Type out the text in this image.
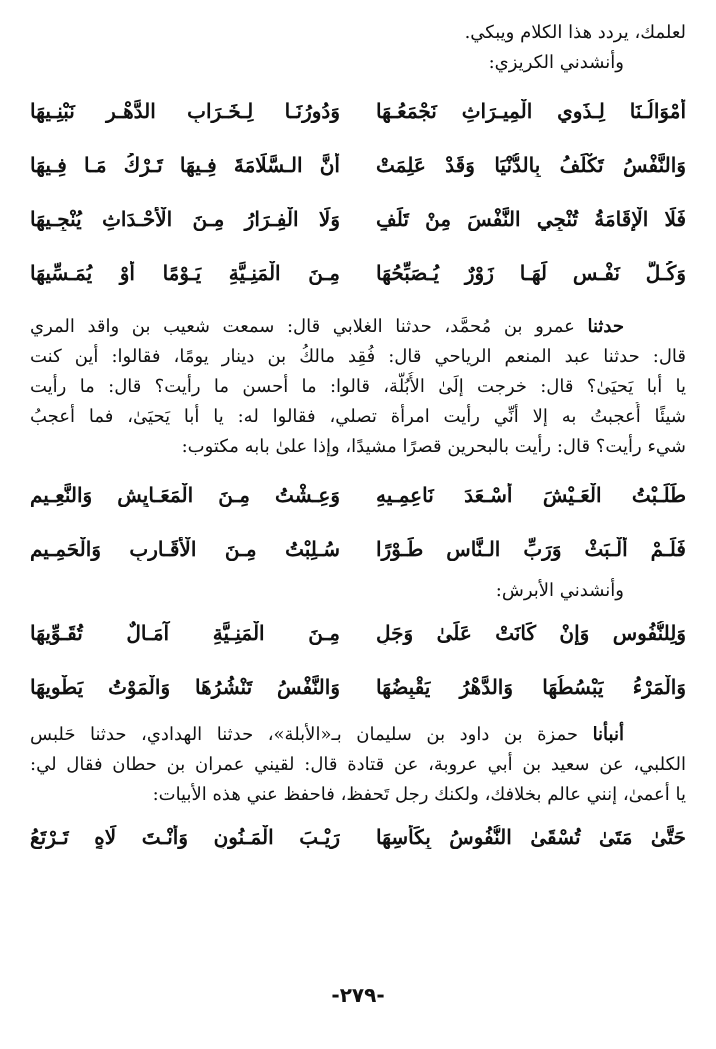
لعلمك، يردد هذا الكلام ويبكي.
وأنشدني الكريزي:
أَمْوَالُـنَا لِـذَوِي الْمِيـرَاثِ نَجْمَعُـهَا
وَدُورُنَـا لِـخَـرَابِ الدَّهْـرِ نَبْنِـيهَا
وَالنَّفْسُ تَكْلَفُ بِالدُّنْيَا وَقَدْ عَلِمَتْ
أَنَّ الـسَّلَامَةَ فِـيهَا تَـرْكُ مَـا فِـيهَا
فَلَا الْإِقَامَةُ تُنْجِي النَّفْسَ مِنْ تَلَفٍ
وَلَا الْفِـرَارُ مِـنَ الْأَحْـدَاثِ يُنْجِـيهَا
وَكُـلُّ نَفْـسٍ لَهَـا زَوْرٌ يُـصَبِّحُهَا
مِـنَ الْمَنِـيَّةِ يَـوْمًا أَوْ يُمَـسِّيهَا
حدثنا عمرو بن مُحمَّد، حدثنا الغلابي قال: سمعت شعيب بن واقد المري
قال: حدثنا عبد المنعم الرياحي قال: فُقِد مالكُ بن دينار يومًا، فقالوا: أين كنت
يا أبا يَحيَىٰ؟ قال: خرجت إلَىٰ الأُبُلَّة، قالوا: ما أحسن ما رأيت؟ قال: ما رأيت
شيئًا أُعجبتُ به إلا أنِّي رأيت امرأة تصلي، فقالوا له: يا أبا يَحيَىٰ، فما أعجبُ
شيء رأيت؟ قال: رأيت بالبحرين قصرًا مشيدًا، وإذا علىٰ بابه مكتوب:
طَلَـبْتُ الْعَـيْشَ أَسْـعَدَ نَاعِمِـيهِ
وَعِـشْتُ مِـنَ الْمَعَـايِشِ وَالنَّعِـيمِ
فَلَـمْ أَلْـبَثْ وَرَبِّ الـنَّاسِ طَـوْرًا
سُـلِبْتُ مِـنَ الْأَقَـارِبِ وَالْحَمِـيمِ
وأنشدني الأبرش:
وَلِلنُّفُوسِ وَإِنْ كَانَتْ عَلَىٰ وَجَلٍ
مِـنَ الْمَنِـيَّةِ آمَـالٌ تُقَـوِّيهَا
وَالْمَرْءُ يَبْسُطُهَا وَالدَّهْرُ يَقْبِضُهَا
وَالنَّفْسُ تَنْشُرُهَا وَالْمَوْتُ يَطْوِيهَا
أنبأنا حمزة بن داود بن سليمان بـ«الأبلة»، حدثنا الهدادي، حدثنا حَلبس
الكلبي، عن سعيد بن أبي عروبة، عن قتادة قال: لقيني عمران بن حطان فقال لي:
يا أعمىٰ، إنني عالم بخلافك، ولكنك رجل تَحفظ، فاحفظ عني هذه الأبيات:
حَتَّىٰ مَتَىٰ تُسْقَىٰ النُّفُوسُ بِكَأْسِهَا
رَيْـبَ الْمَـنُونِ وَأَنْـتَ لَاهٍ تَـرْتَعُ
-٢٧٩-
